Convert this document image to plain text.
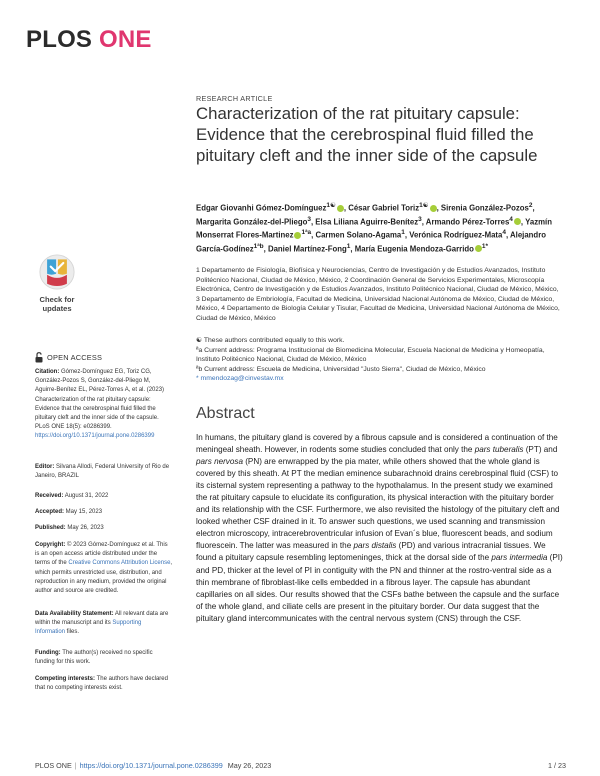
PLOS ONE
RESEARCH ARTICLE
Characterization of the rat pituitary capsule: Evidence that the cerebrospinal fluid filled the pituitary cleft and the inner side of the capsule
Edgar Giovanhi Gómez-Domínguez$^{1☯}$ , César Gabriel Toriz$^{1☯}$ , Sirenia González-Pozos$^2$, Margarita González-del-Pliego$^3$, Elsa Liliana Aguirre-Benítez$^3$, Armando Pérez-Torres$^4$ , Yazmín Monserrat Flores-Martinez $^{1ªa}$, Carmen Solano-Agama$^1$, Verónica Rodríguez-Mata$^4$, Alejandro García-Godínez$^{1ªb}$, Daniel Martínez-Fong$^1$, María Eugenia Mendoza-Garrido $^{1*}$
1 Departamento de Fisiología, Biofísica y Neurociencias, Centro de Investigación y de Estudios Avanzados, Instituto Politécnico Nacional, Ciudad de México, México, 2 Coordinación General de Servicios Experimentales, Microscopía Electrónica, Centro de Investigación y de Estudios Avanzados, Instituto Politécnico Nacional, Ciudad de México, México, 3 Departamento de Embriología, Facultad de Medicina, Universidad Nacional Autónoma de México, Ciudad de México, México, 4 Departamento de Biología Celular y Tisular, Facultad de Medicina, Universidad Nacional Autónoma de México, Ciudad de México, México
☯ These authors contributed equally to this work.
ªa Current address: Programa Institucional de Biomedicina Molecular, Escuela Nacional de Medicina y Homeopatía, Instituto Politécnico Nacional, Ciudad de México, México
ªb Current address: Escuela de Medicina, Universidad "Justo Sierra", Ciudad de México, México
* mmendozag@cinvestav.mx
Abstract
In humans, the pituitary gland is covered by a fibrous capsule and is considered a continuation of the meningeal sheath. However, in rodents some studies concluded that only the pars tuberalis (PT) and pars nervosa (PN) are enwrapped by the pia mater, while others showed that the whole gland is covered by this sheath. At PT the median eminence subarachnoid drains cerebrospinal fluid (CSF) to its cisternal system representing a pathway to the hypothalamus. In the present study we examined the rat pituitary capsule to elucidate its configuration, its physical interaction with the pituitary border and its relationship with the CSF. Furthermore, we also revisited the histology of the pituitary cleft and looked whether CSF drained in it. To answer such questions, we used scanning and transmission electron microscopy, intracerebroventricular infusion of Evan´s blue, fluorescent beads, and sodium fluorescein. The latter was measured in the pars distalis (PD) and various intracranial tissues. We found a pituitary capsule resembling leptomeninges, thick at the dorsal side of the pars intermedia (PI) and PD, thicker at the level of PI in contiguity with the PN and thinner at the rostro-ventral side as a thin membrane of fibroblast-like cells embedded in a fibrous layer. The capsule has abundant capillaries on all sides. Our results showed that the CSFs bathe between the capsule and the surface of the whole gland, and ciliate cells are present in the pituitary border. Our data suggest that the pituitary gland intercommunicates with the central nervous system (CNS) through the CSF.
Check for
updates
OPEN ACCESS
Citation: Gómez-Domínguez EG, Toriz CG, González-Pozos S, González-del-Pliego M, Aguirre-Benítez EL, Pérez-Torres A, et al. (2023) Characterization of the rat pituitary capsule: Evidence that the cerebrospinal fluid filled the pituitary cleft and the inner side of the capsule. PLoS ONE 18(5): e0286399. https://doi.org/10.1371/journal.pone.0286399
Editor: Silvana Allodi, Federal University of Rio de Janeiro, BRAZIL
Received: August 31, 2022
Accepted: May 15, 2023
Published: May 26, 2023
Copyright: © 2023 Gómez-Domínguez et al. This is an open access article distributed under the terms of the Creative Commons Attribution License, which permits unrestricted use, distribution, and reproduction in any medium, provided the original author and source are credited.
Data Availability Statement: All relevant data are within the manuscript and its Supporting Information files.
Funding: The author(s) received no specific funding for this work.
Competing interests: The authors have declared that no competing interests exist.
PLOS ONE | https://doi.org/10.1371/journal.pone.0286399 May 26, 2023	1 / 23
